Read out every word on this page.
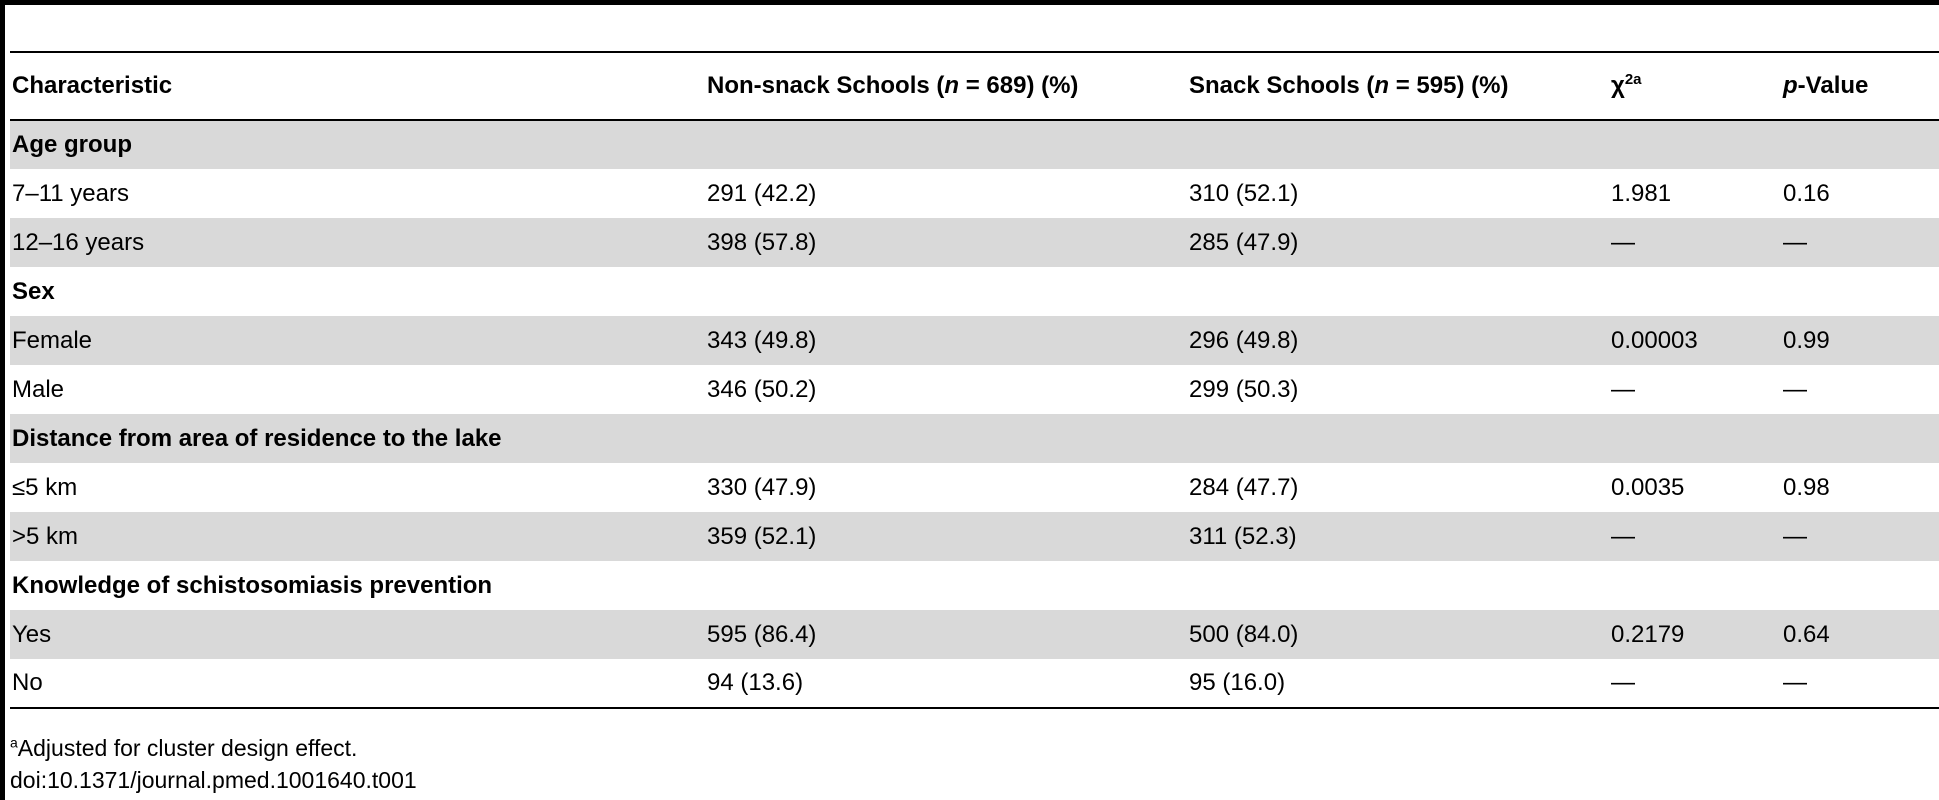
Characteristic	Non-snack Schools (n = 689) (%)	Snack Schools (n = 595) (%)	$\chi^{2a}$	p-Value
Age group				
7–11 years	291 (42.2)	310 (52.1)	1.981	0.16
12–16 years	398 (57.8)	285 (47.9)	—	—
Sex				
Female	343 (49.8)	296 (49.8)	0.00003	0.99
Male	346 (50.2)	299 (50.3)	—	—
Distance from area of residence to the lake				
≤5 km	330 (47.9)	284 (47.7)	0.0035	0.98
>5 km	359 (52.1)	311 (52.3)	—	—
Knowledge of schistosomiasis prevention				
Yes	595 (86.4)	500 (84.0)	0.2179	0.64
No	94 (13.6)	95 (16.0)	—	—
$^a$Adjusted for cluster design effect.
doi:10.1371/journal.pmed.1001640.t001
